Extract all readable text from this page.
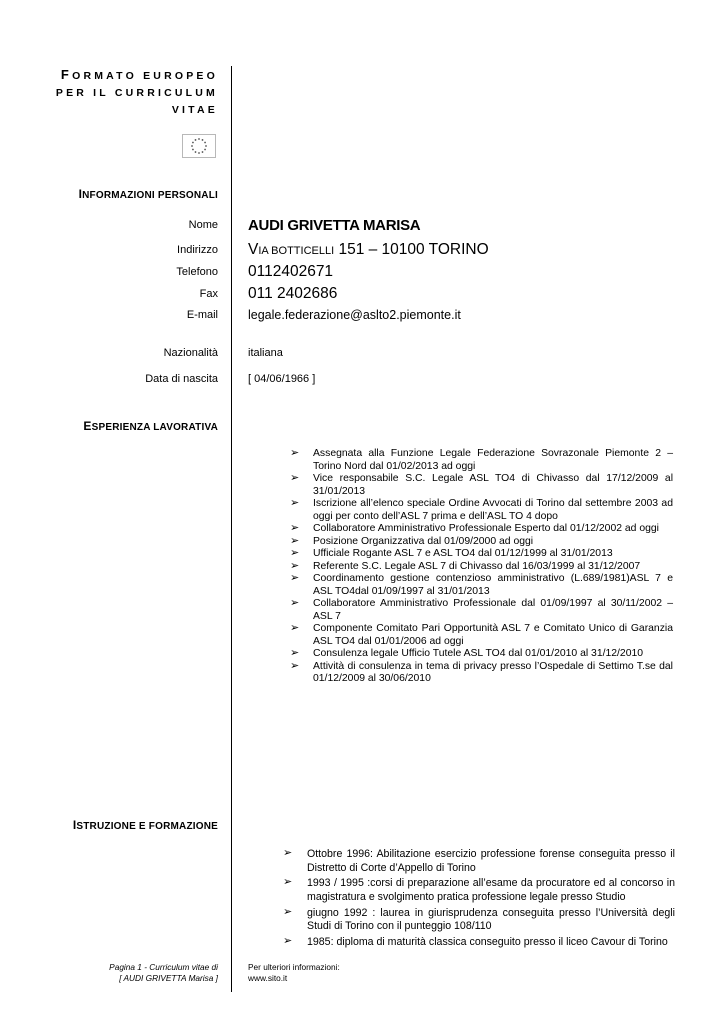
FORMATO EUROPEO
PER IL CURRICULUM
VITAE
INFORMAZIONI PERSONALI
Nome AUDI GRIVETTA MARISA
Indirizzo VIA BOTTICELLI 151 – 10100 TORINO
Telefono 0112402671
Fax 011 2402686
E-mail legale.federazione@aslto2.piemonte.it
Nazionalità	italiana
Data di nascita	[ 04/06/1966 ]
ESPERIENZA LAVORATIVA
➢ Assegnata alla Funzione Legale Federazione Sovrazonale Piemonte 2 – Torino Nord dal 01/02/2013 ad oggi
➢ Vice responsabile S.C. Legale ASL TO4 di Chivasso dal 17/12/2009 al 31/01/2013
➢ Iscrizione all’elenco speciale Ordine Avvocati di Torino dal settembre 2003 ad oggi per conto dell’ASL 7 prima e dell’ASL TO 4 dopo
➢ Collaboratore Amministrativo Professionale Esperto dal 01/12/2002 ad oggi
➢ Posizione Organizzativa dal 01/09/2000 ad oggi
➢ Ufficiale Rogante ASL 7 e ASL TO4 dal 01/12/1999 al 31/01/2013
➢ Referente S.C. Legale ASL 7 di Chivasso dal 16/03/1999 al 31/12/2007
➢ Coordinamento gestione contenzioso amministrativo (L.689/1981)ASL 7 e ASL TO4dal 01/09/1997 al 31/01/2013
➢ Collaboratore Amministrativo Professionale dal 01/09/1997 al 30/11/2002 – ASL 7
➢ Componente Comitato Pari Opportunità ASL 7 e Comitato Unico di Garanzia ASL TO4 dal 01/01/2006 ad oggi
➢ Consulenza legale Ufficio Tutele ASL TO4 dal 01/01/2010 al 31/12/2010
➢ Attività di consulenza in tema di privacy presso l’Ospedale di Settimo T.se dal 01/12/2009 al 30/06/2010
ISTRUZIONE E FORMAZIONE
➢ Ottobre 1996: Abilitazione esercizio professione forense conseguita presso il Distretto di Corte d’Appello di Torino
➢ 1993 / 1995 :corsi di preparazione all’esame da procuratore ed al concorso in magistratura e svolgimento pratica professione legale presso Studio
➢ giugno 1992 : laurea in giurisprudenza conseguita presso l’Università degli Studi di Torino con il punteggio 108/110
➢ 1985: diploma di maturità classica conseguito presso il liceo Cavour di Torino
Pagina 1 - Curriculum vitae di
[ AUDI GRIVETTA Marisa ]
Per ulteriori informazioni:
www.sito.it
